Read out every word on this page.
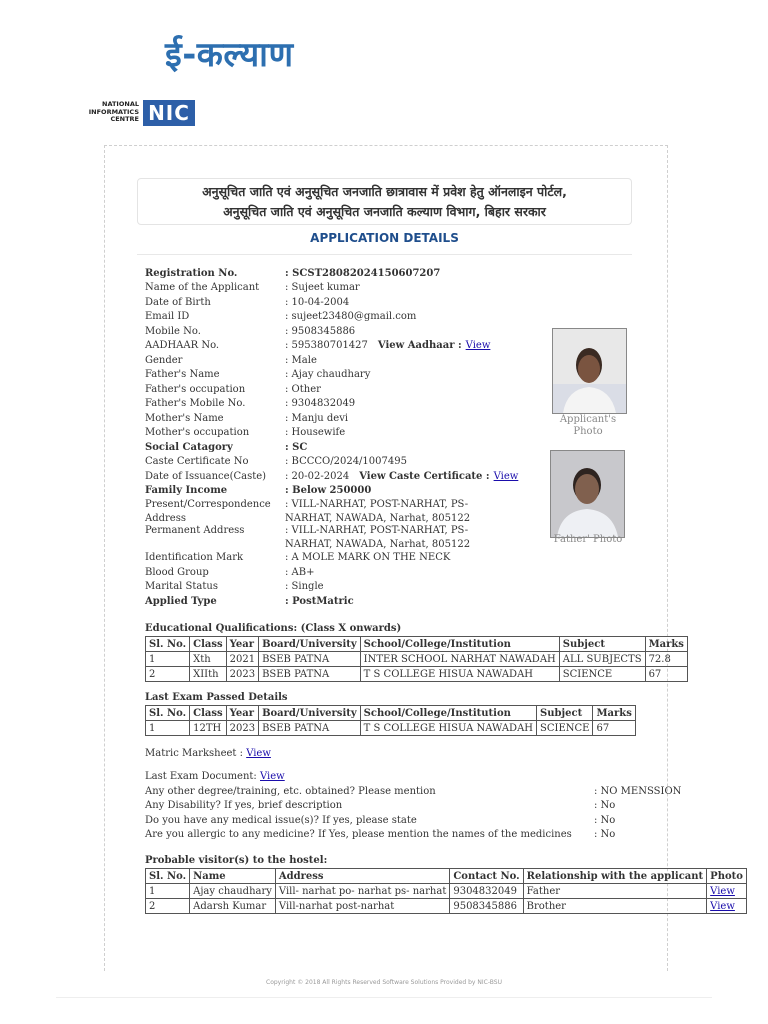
ई-कल्याण
NATIONAL
INFORMATICS
CENTRE NIC
अनुसूचित जाति एवं अनुसूचित जनजाति छात्रावास में प्रवेश हेतु ऑनलाइन पोर्टल,
अनुसूचित जाति एवं अनुसूचित जनजाति कल्याण विभाग, बिहार सरकार
APPLICATION DETAILS
Registration No.	: SCST28082024150607207
Name of the Applicant	: Sujeet kumar
Date of Birth	: 10-04-2004
Email ID	: sujeet23480@gmail.com
Mobile No.	: 9508345886
AADHAAR No.	: 595380701427 View Aadhaar : View
Gender	: Male
Father's Name	: Ajay chaudhary
Father's occupation	: Other
Father's Mobile No.	: 9304832049
Mother's Name	: Manju devi
Mother's occupation	: Housewife
Social Catagory	: SC
Caste Certificate No	: BCCCO/2024/1007495
Date of Issuance(Caste)	: 20-02-2024 View Caste Certificate : View
Family Income	: Below 250000
Present/Correspondence Address
: VILL-NARHAT, POST-NARHAT, PS-NARHAT, NAWADA, Narhat, 805122
Permanent Address	: VILL-NARHAT, POST-NARHAT, PS-NARHAT, NAWADA, Narhat, 805122
Identification Mark	: A MOLE MARK ON THE NECK
Blood Group	: AB+
Marital Status	: Single
Applied Type	: PostMatric
Applicant's Photo
Father' Photo
Educational Qualifications: (Class X onwards)
Sl. No.	Class	Year	Board/University	School/College/Institution	Subject	Marks
1	Xth	2021	BSEB PATNA	INTER SCHOOL NARHAT NAWADAH	ALL SUBJECTS	72.8
2	XIIth	2023	BSEB PATNA	T S COLLEGE HISUA NAWADAH	SCIENCE	67
Last Exam Passed Details
Sl. No.	Class	Year	Board/University	School/College/Institution	Subject	Marks
1	12TH	2023	BSEB PATNA	T S COLLEGE HISUA NAWADAH	SCIENCE	67
Matric Marksheet : View
Last Exam Document: View
Any other degree/training, etc. obtained? Please mention	: NO MENSSION
Any Disability? If yes, brief description	: No
Do you have any medical issue(s)? If yes, please state	: No
Are you allergic to any medicine? If Yes, please mention the names of the medicines : No
Probable visitor(s) to the hostel:
Sl. No.	Name	Address	Contact No.	Relationship with the applicant	Photo
1	Ajay chaudhary	Vill- narhat po- narhat ps- narhat	9304832049	Father	View
2	Adarsh Kumar	Vill-narhat post-narhat	9508345886	Brother	View
Copyright © 2018 All Rights Reserved Software Solutions Provided by NIC-BSU
